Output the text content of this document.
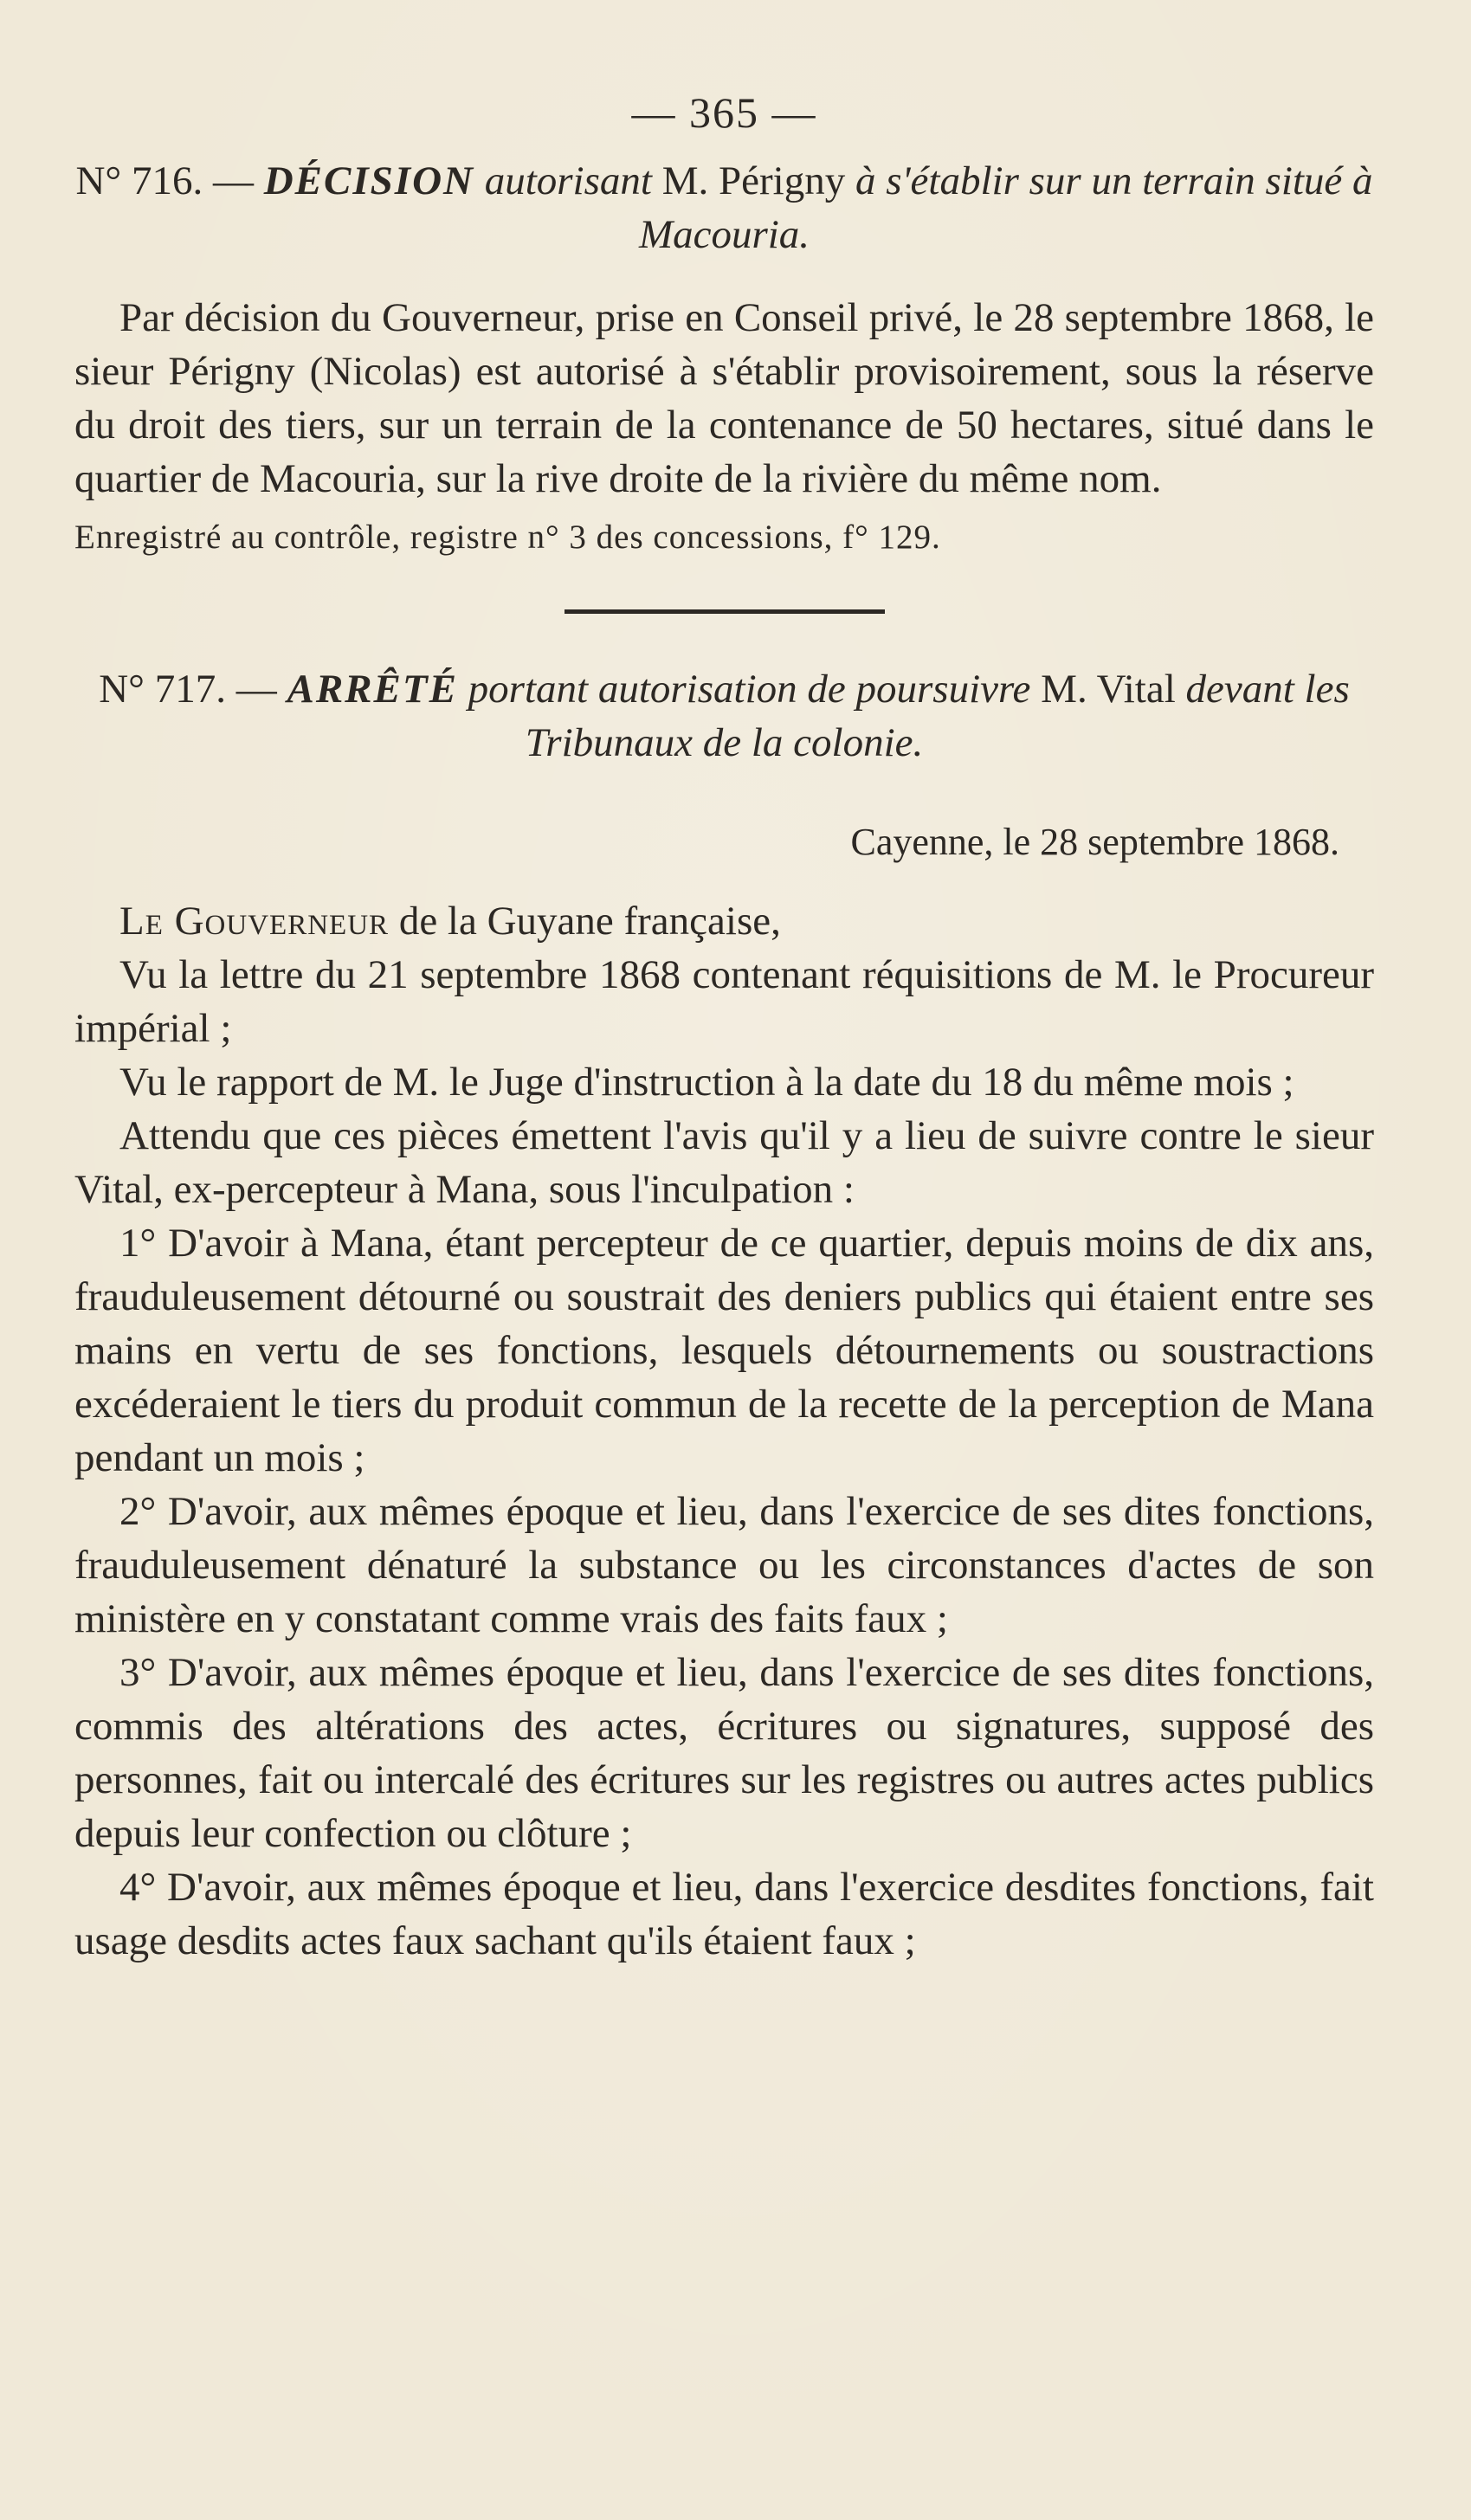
— 365 —

N° 716. — DÉCISION autorisant M. Périgny à s'établir sur un terrain situé à Macouria.

Par décision du Gouverneur, prise en Conseil privé, le 28 septembre 1868, le sieur Périgny (Nicolas) est autorisé à s'établir provisoirement, sous la réserve du droit des tiers, sur un terrain de la contenance de 50 hectares, situé dans le quartier de Macouria, sur la rive droite de la rivière du même nom.

Enregistré au contrôle, registre n° 3 des concessions, f° 129.

N° 717. — ARRÊTÉ portant autorisation de poursuivre M. Vital devant les Tribunaux de la colonie.

Cayenne, le 28 septembre 1868.

Le Gouverneur de la Guyane française,

Vu la lettre du 21 septembre 1868 contenant réquisitions de M. le Procureur impérial ;

Vu le rapport de M. le Juge d'instruction à la date du 18 du même mois ;

Attendu que ces pièces émettent l'avis qu'il y a lieu de suivre contre le sieur Vital, ex-percepteur à Mana, sous l'inculpation :

1° D'avoir à Mana, étant percepteur de ce quartier, depuis moins de dix ans, frauduleusement détourné ou soustrait des deniers publics qui étaient entre ses mains en vertu de ses fonctions, lesquels détournements ou soustractions excéderaient le tiers du produit commun de la recette de la perception de Mana pendant un mois ;

2° D'avoir, aux mêmes époque et lieu, dans l'exercice de ses dites fonctions, frauduleusement dénaturé la substance ou les circonstances d'actes de son ministère en y constatant comme vrais des faits faux ;

3° D'avoir, aux mêmes époque et lieu, dans l'exercice de ses dites fonctions, commis des altérations des actes, écritures ou signatures, supposé des personnes, fait ou intercalé des écritures sur les registres ou autres actes publics depuis leur confection ou clôture ;

4° D'avoir, aux mêmes époque et lieu, dans l'exercice desdites fonctions, fait usage desdits actes faux sachant qu'ils étaient faux ;
